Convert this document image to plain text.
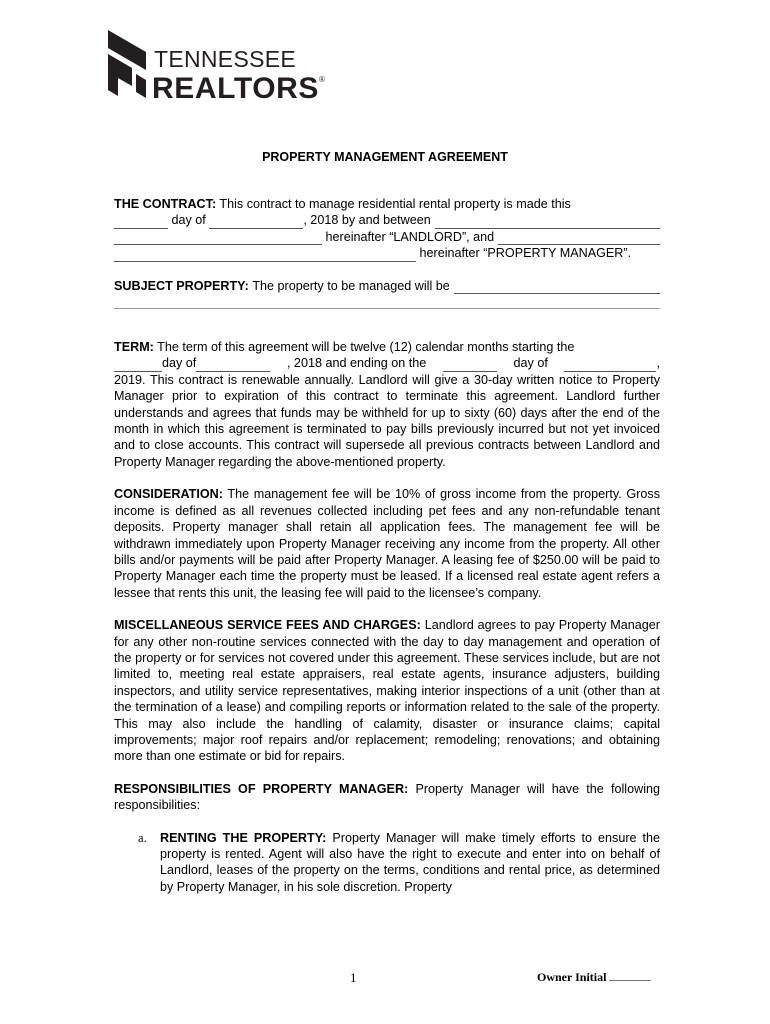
TENNESSEE
REALTORS®
PROPERTY MANAGEMENT AGREEMENT

THE CONTRACT: This contract to manage residential rental property is made this

day of
	, 2018 by and between

hereinafter “LANDLORD”, and

hereinafter “PROPERTY MANAGER”.
SUBJECT PROPERTY:
The property to be managed will be

TERM: The term of this agreement will be twelve (12) calendar months starting the

day of	, 2018 and ending on the	day of	,

2019. This contract is renewable annually. Landlord will give a 30-day written notice to Property Manager prior to expiration of this contract to terminate this agreement. Landlord further understands and agrees that funds may be withheld for up to sixty (60) days after the end of the month in which this agreement is terminated to pay bills previously incurred but not yet invoiced and to close accounts. This contract will supersede all previous contracts between Landlord and Property Manager regarding the above-mentioned property.

CONSIDERATION: The management fee will be 10% of gross income from the property. Gross income is defined as all revenues collected including pet fees and any non-refundable tenant deposits. Property manager shall retain all application fees. The management fee will be withdrawn immediately upon Property Manager receiving any income from the property. All other bills and/or payments will be paid after Property Manager. A leasing fee of $250.00 will be paid to Property Manager each time the property must be leased. If a licensed real estate agent refers a lessee that rents this unit, the leasing fee will paid to the licensee’s company.

MISCELLANEOUS SERVICE FEES AND CHARGES: Landlord agrees to pay Property Manager for any other non-routine services connected with the day to day management and operation of the property or for services not covered under this agreement. These services include, but are not limited to, meeting real estate appraisers, real estate agents, insurance adjusters, building inspectors, and utility service representatives, making interior inspections of a unit (other than at the termination of a lease) and compiling reports or information related to the sale of the property. This may also include the handling of calamity, disaster or insurance claims; capital improvements; major roof repairs and/or replacement; remodeling; renovations; and obtaining more than one estimate or bid for repairs.

RESPONSIBILITIES OF PROPERTY MANAGER: Property Manager will have the following responsibilities:

a. RENTING THE PROPERTY: Property Manager will make timely efforts to ensure the property is rented. Agent will also have the right to execute and enter into on behalf of Landlord, leases of the property on the terms, conditions and rental price, as determined by Property Manager, in his sole discretion. Property

1	Owner Initial
